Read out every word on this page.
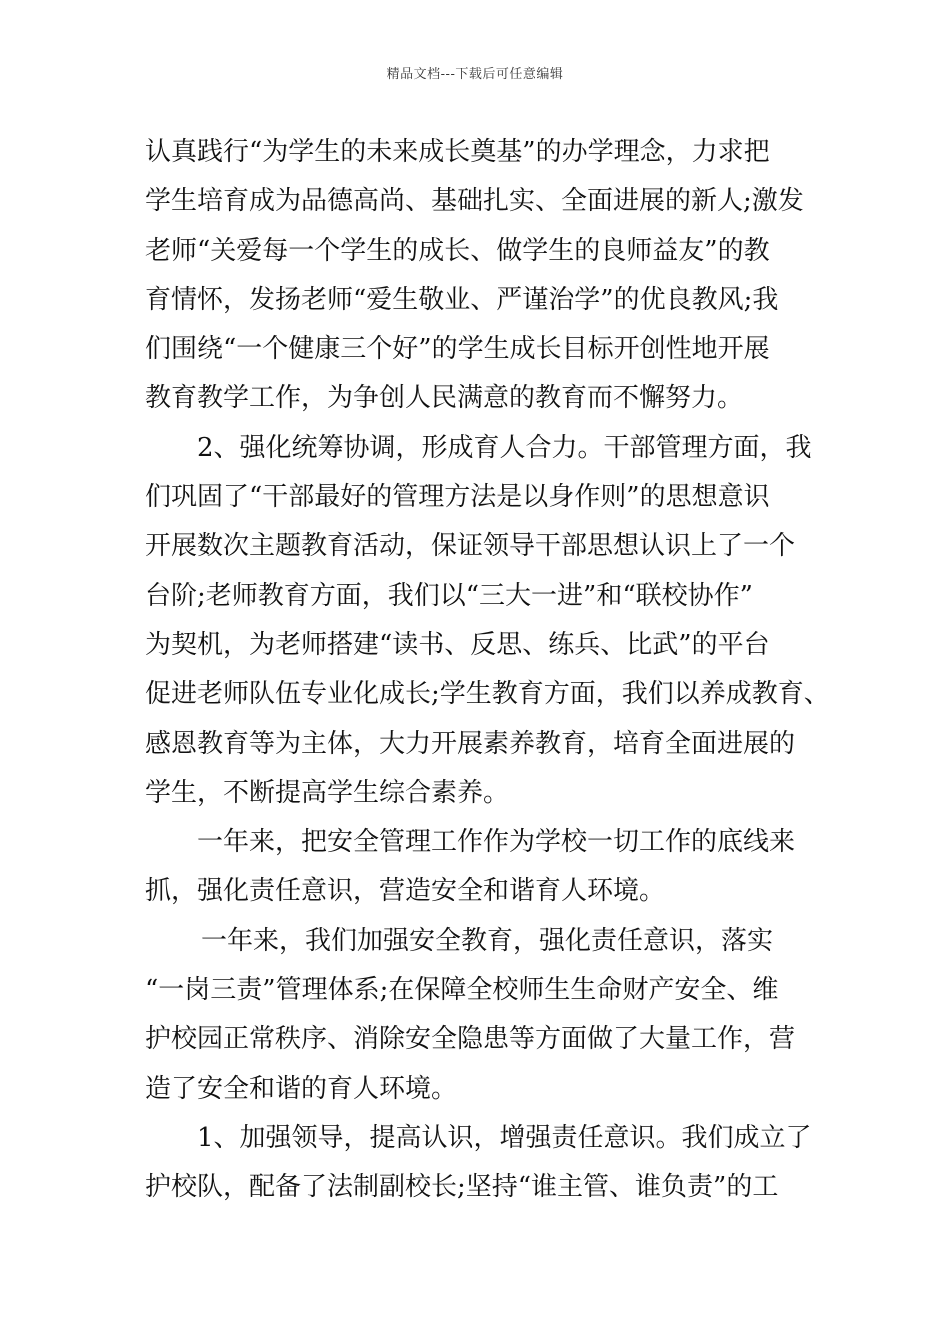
精品文档---下载后可任意编辑
认真践行“为学生的未来成长奠基”的办学理念，力求把
学生培育成为品德高尚、基础扎实、全面进展的新人;激发
老师“关爱每一个学生的成长、做学生的良师益友”的教
育情怀，发扬老师“爱生敬业、严谨治学”的优良教风;我
们围绕“一个健康三个好”的学生成长目标开创性地开展
教育教学工作，为争创人民满意的教育而不懈努力。
2、强化统筹协调，形成育人合力。干部管理方面，我
们巩固了“干部最好的管理方法是以身作则”的思想意识
开展数次主题教育活动，保证领导干部思想认识上了一个
台阶;老师教育方面，我们以“三大一进”和“联校协作”
为契机，为老师搭建“读书、反思、练兵、比武”的平台
促进老师队伍专业化成长;学生教育方面，我们以养成教育、
感恩教育等为主体，大力开展素养教育，培育全面进展的
学生，不断提高学生综合素养。
一年来，把安全管理工作作为学校一切工作的底线来
抓，强化责任意识，营造安全和谐育人环境。
一年来，我们加强安全教育，强化责任意识，落实
“一岗三责”管理体系;在保障全校师生生命财产安全、维
护校园正常秩序、消除安全隐患等方面做了大量工作，营
造了安全和谐的育人环境。
1、加强领导，提高认识，增强责任意识。我们成立了
护校队，配备了法制副校长;坚持“谁主管、谁负责”的工
